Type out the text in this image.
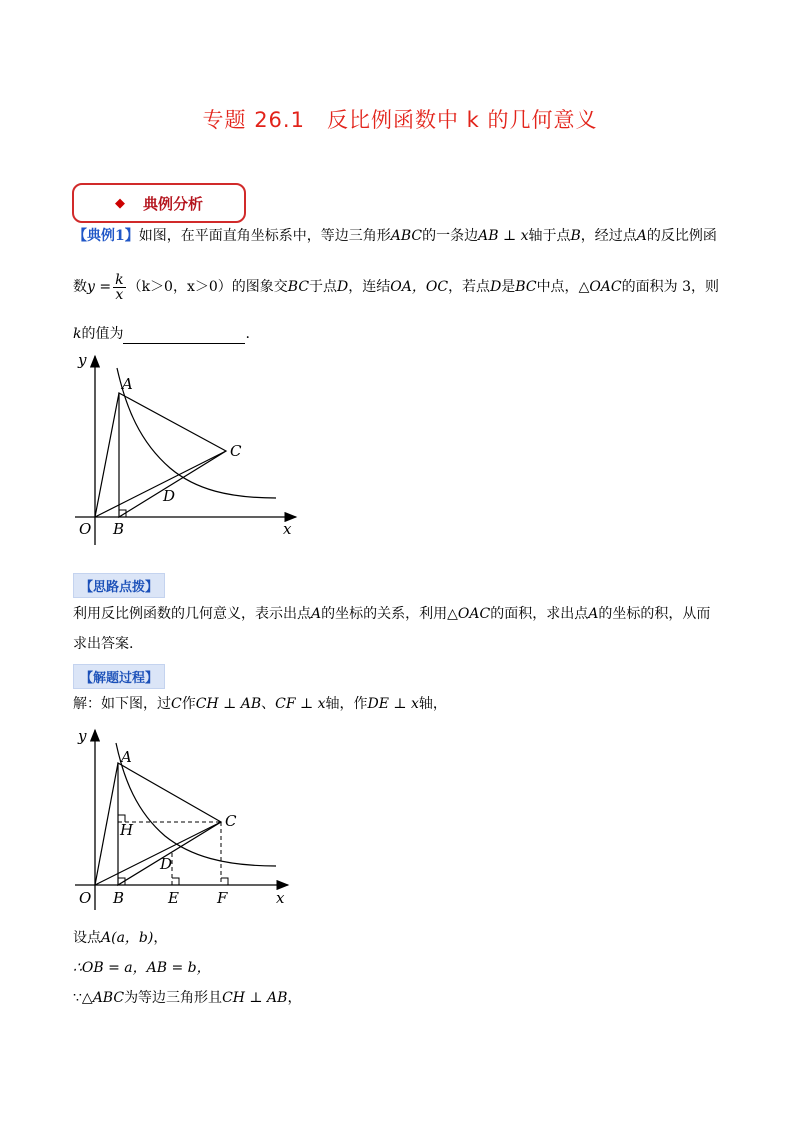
专题 26.1　反比例函数中 k 的几何意义
◆ 典例分析
【典例1】如图，在平面直角坐标系中，等边三角形ABC的一条边AB ⊥ x轴于点B，经过点A的反比例函
数$y = \frac{k}{x} (k>0$，x＞0）的图象交BC于点D，连结OA，OC，若点D是BC中点，△OAC的面积为 3，则
k的值为	.
y
A
C
D
O B	x
【思路点拨】
利用反比例函数的几何意义，表示出点A的坐标的关系，利用△OAC的面积，求出点A的坐标的积，从而
求出答案.
【解题过程】
解：如下图，过C作CH ⊥ AB、CF ⊥ x轴，作DE ⊥ x轴，
y
A
H	C
D
O B	E	F	x
设点A(a，b)，
∴OB = a，AB = b，
∵△ABC为等边三角形且CH ⊥ AB，
